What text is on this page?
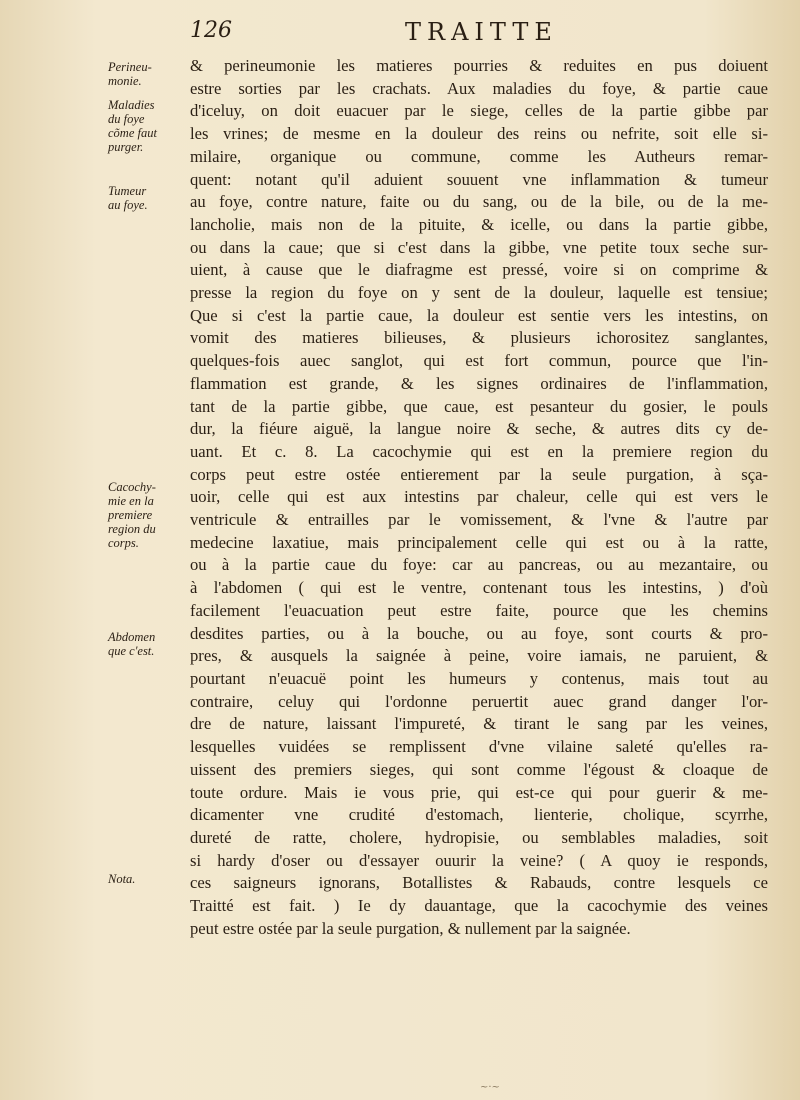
126	TRAITTE
Perineu-
monie.
Maladies
du foye
cõme faut
purger.
Tumeur
au foye.
Cacochy-
mie en la
premiere
region du
corps.
Abdomen
que c'est.
Nota.
& perineumonie les matieres pourries & reduites en pus doiuent
estre sorties par les crachats. Aux maladies du foye, & partie caue
d'iceluy, on doit euacuer par le siege, celles de la partie gibbe par
les vrines; de mesme en la douleur des reins ou nefrite, soit elle si-
milaire, organique ou commune, comme les Autheurs remar-
quent: notant qu'il aduient souuent vne inflammation & tumeur
au foye, contre nature, faite ou du sang, ou de la bile, ou de la me-
lancholie, mais non de la pituite, & icelle, ou dans la partie gibbe,
ou dans la caue; que si c'est dans la gibbe, vne petite toux seche sur-
uient, à cause que le diafragme est pressé, voire si on comprime &
presse la region du foye on y sent de la douleur, laquelle est tensiue;
Que si c'est la partie caue, la douleur est sentie vers les intestins, on
vomit des matieres bilieuses, & plusieurs ichorositez sanglantes,
quelques-fois auec sanglot, qui est fort commun, pource que l'in-
flammation est grande, & les signes ordinaires de l'inflammation,
tant de la partie gibbe, que caue, est pesanteur du gosier, le pouls
dur, la fiéure aiguë, la langue noire & seche, & autres dits cy de-
uant. Et c. 8. La cacochymie qui est en la premiere region du
corps peut estre ostée entierement par la seule purgation, à sça-
uoir, celle qui est aux intestins par chaleur, celle qui est vers le
ventricule & entrailles par le vomissement, & l'vne & l'autre par
medecine laxatiue, mais principalement celle qui est ou à la ratte,
ou à la partie caue du foye: car au pancreas, ou au mezantaire, ou
à l'abdomen ( qui est le ventre, contenant tous les intestins, ) d'où
facilement l'euacuation peut estre faite, pource que les chemins
desdites parties, ou à la bouche, ou au foye, sont courts & pro-
pres, & ausquels la saignée à peine, voire iamais, ne paruient, &
pourtant n'euacuë point les humeurs y contenus, mais tout au
contraire, celuy qui l'ordonne peruertit auec grand danger l'or-
dre de nature, laissant l'impureté, & tirant le sang par les veines,
lesquelles vuidées se remplissent d'vne vilaine saleté qu'elles ra-
uissent des premiers sieges, qui sont comme l'égoust & cloaque de
toute ordure. Mais ie vous prie, qui est-ce qui pour guerir & me-
dicamenter vne crudité d'estomach, lienterie, cholique, scyrrhe,
dureté de ratte, cholere, hydropisie, ou semblables maladies, soit
si hardy d'oser ou d'essayer ouurir la veine? ( A quoy ie responds,
ces saigneurs ignorans, Botallistes & Rabauds, contre lesquels ce
Traitté est fait. ) Ie dy dauantage, que la cacochymie des veines
peut estre ostée par la seule purgation, & nullement par la saignée.
~·~
